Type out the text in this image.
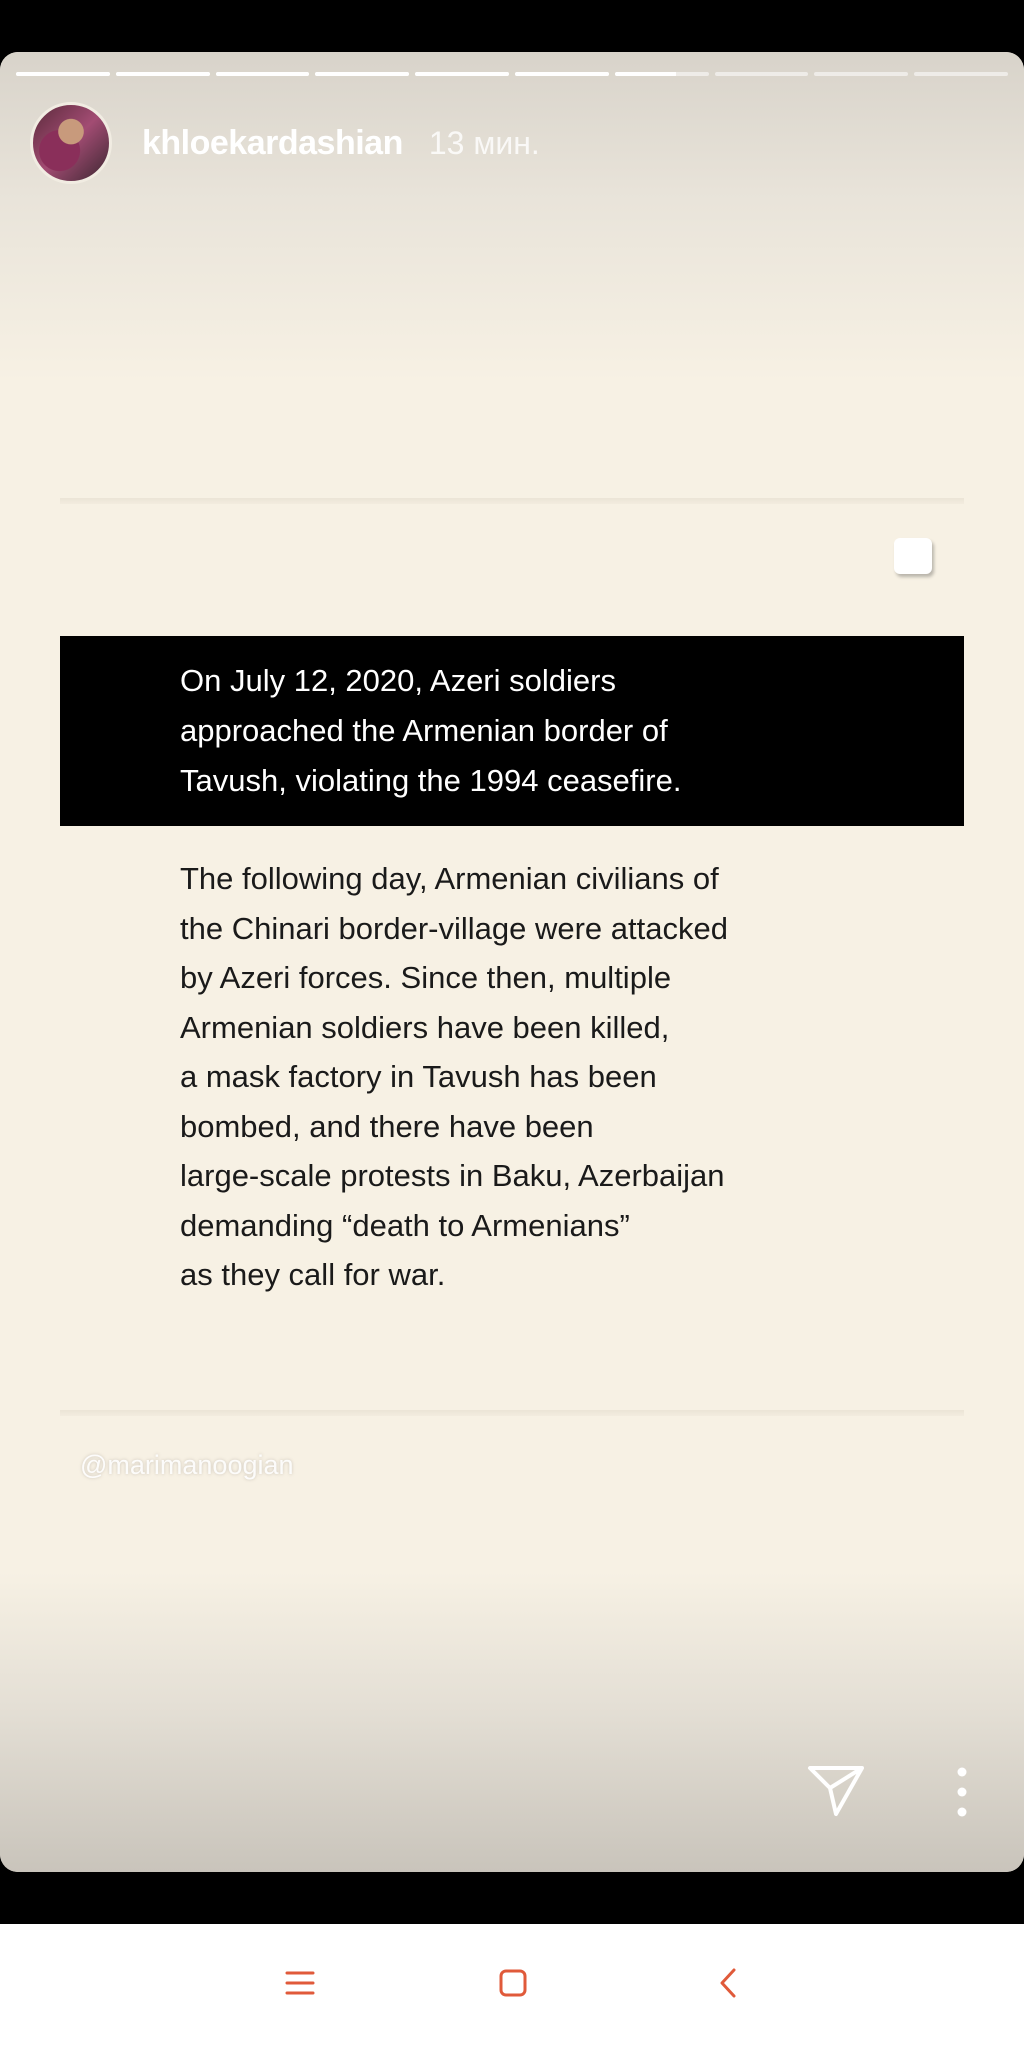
khloekardashian 13 мин.

On July 12, 2020, Azeri soldiers
approached the Armenian border of
Tavush, violating the 1994 ceasefire.

The following day, Armenian civilians of
the Chinari border-village were attacked
by Azeri forces. Since then, multiple
Armenian soldiers have been killed,
a mask factory in Tavush has been
bombed, and there have been
large-scale protests in Baku, Azerbaijan
demanding “death to Armenians”
as they call for war.

@marimanoogian
